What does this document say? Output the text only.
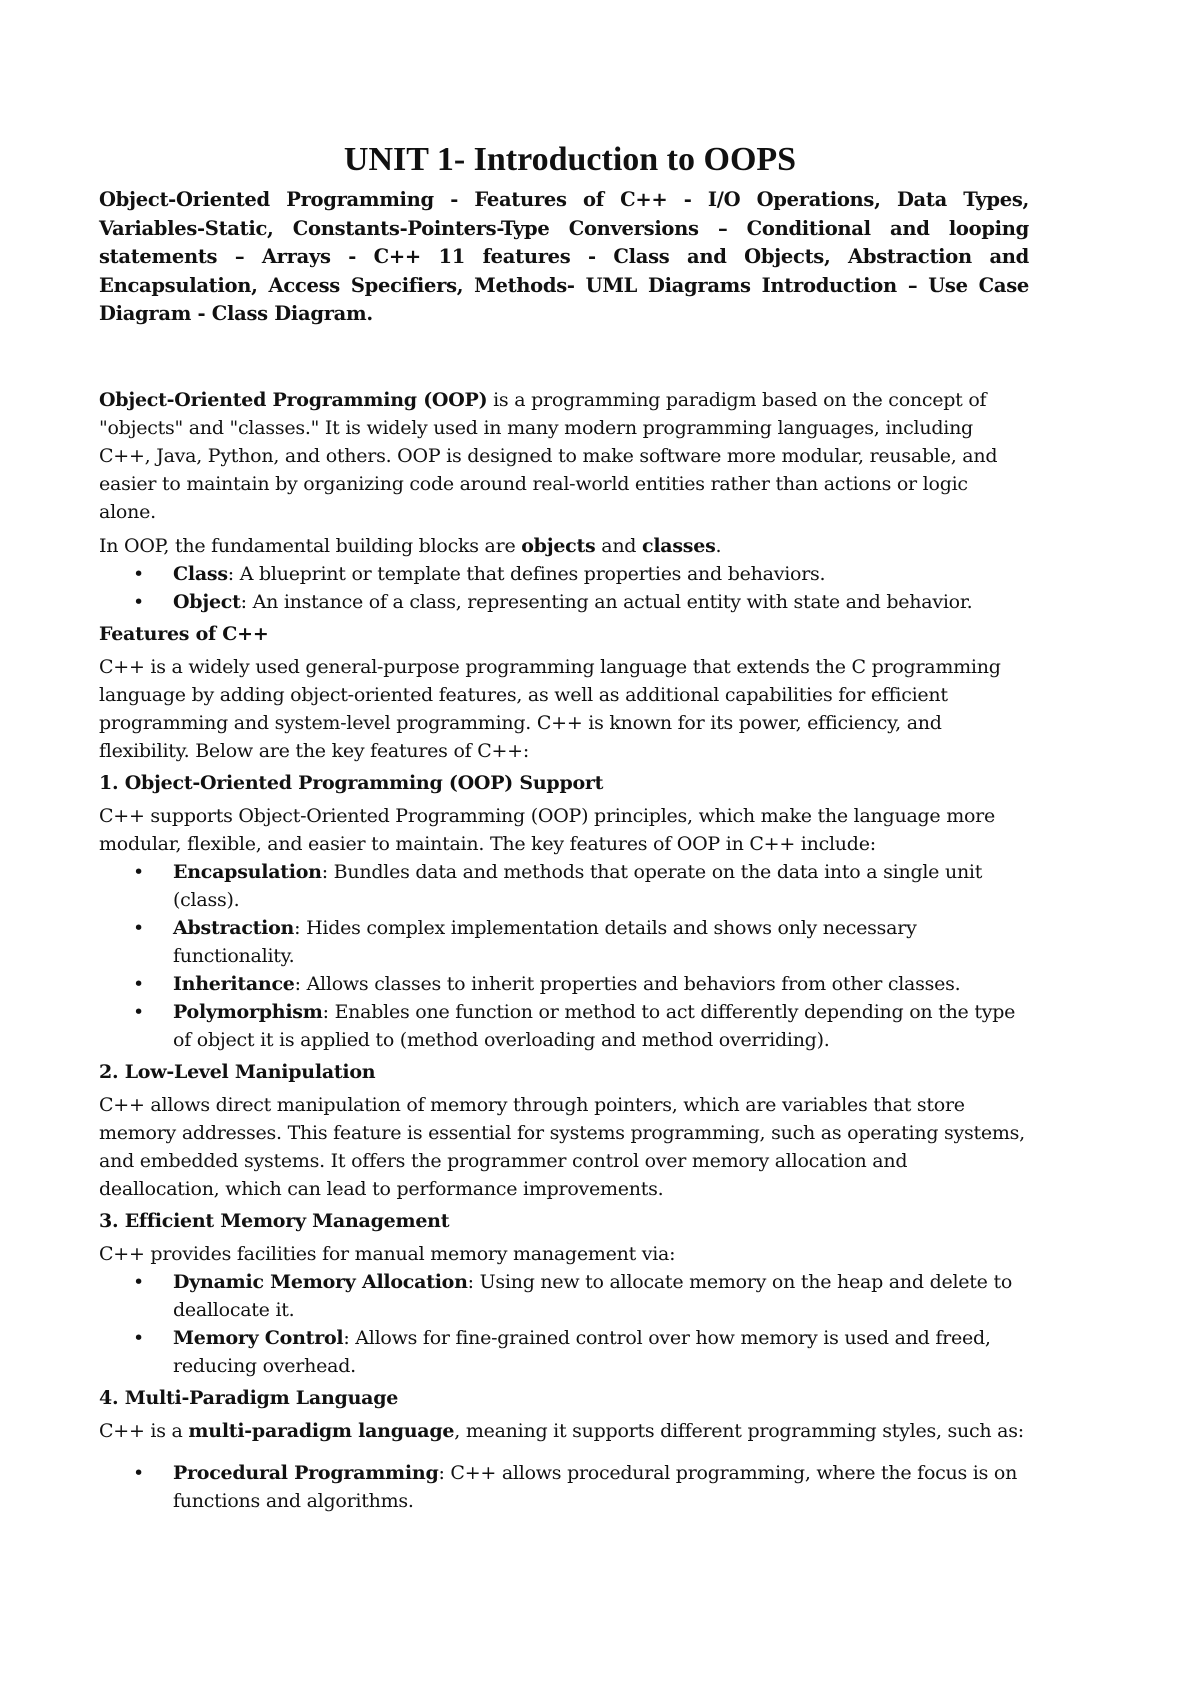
UNIT 1- Introduction to OOPS

Object-Oriented Programming - Features of C++ - I/O Operations, Data Types, Variables-Static, Constants-Pointers-Type Conversions – Conditional and looping statements – Arrays - C++ 11 features - Class and Objects, Abstraction and Encapsulation, Access Specifiers, Methods- UML Diagrams Introduction – Use Case Diagram - Class Diagram.

Object-Oriented Programming (OOP) is a programming paradigm based on the concept of "objects" and "classes." It is widely used in many modern programming languages, including C++, Java, Python, and others. OOP is designed to make software more modular, reusable, and easier to maintain by organizing code around real-world entities rather than actions or logic alone.

In OOP, the fundamental building blocks are objects and classes.

• Class: A blueprint or template that defines properties and behaviors.
• Object: An instance of a class, representing an actual entity with state and behavior.
Features of C++

C++ is a widely used general-purpose programming language that extends the C programming language by adding object-oriented features, as well as additional capabilities for efficient programming and system-level programming. C++ is known for its power, efficiency, and flexibility. Below are the key features of C++:

1. Object-Oriented Programming (OOP) Support

C++ supports Object-Oriented Programming (OOP) principles, which make the language more modular, flexible, and easier to maintain. The key features of OOP in C++ include:

• Encapsulation: Bundles data and methods that operate on the data into a single unit (class).
• Abstraction: Hides complex implementation details and shows only necessary functionality.
• Inheritance: Allows classes to inherit properties and behaviors from other classes.
• Polymorphism: Enables one function or method to act differently depending on the type of object it is applied to (method overloading and method overriding).
2. Low-Level Manipulation

C++ allows direct manipulation of memory through pointers, which are variables that store memory addresses. This feature is essential for systems programming, such as operating systems, and embedded systems. It offers the programmer control over memory allocation and deallocation, which can lead to performance improvements.

3. Efficient Memory Management

C++ provides facilities for manual memory management via:

• Dynamic Memory Allocation: Using new to allocate memory on the heap and delete to deallocate it.
• Memory Control: Allows for fine-grained control over how memory is used and freed, reducing overhead.
4. Multi-Paradigm Language

C++ is a multi-paradigm language, meaning it supports different programming styles, such as:

• Procedural Programming: C++ allows procedural programming, where the focus is on functions and algorithms.
